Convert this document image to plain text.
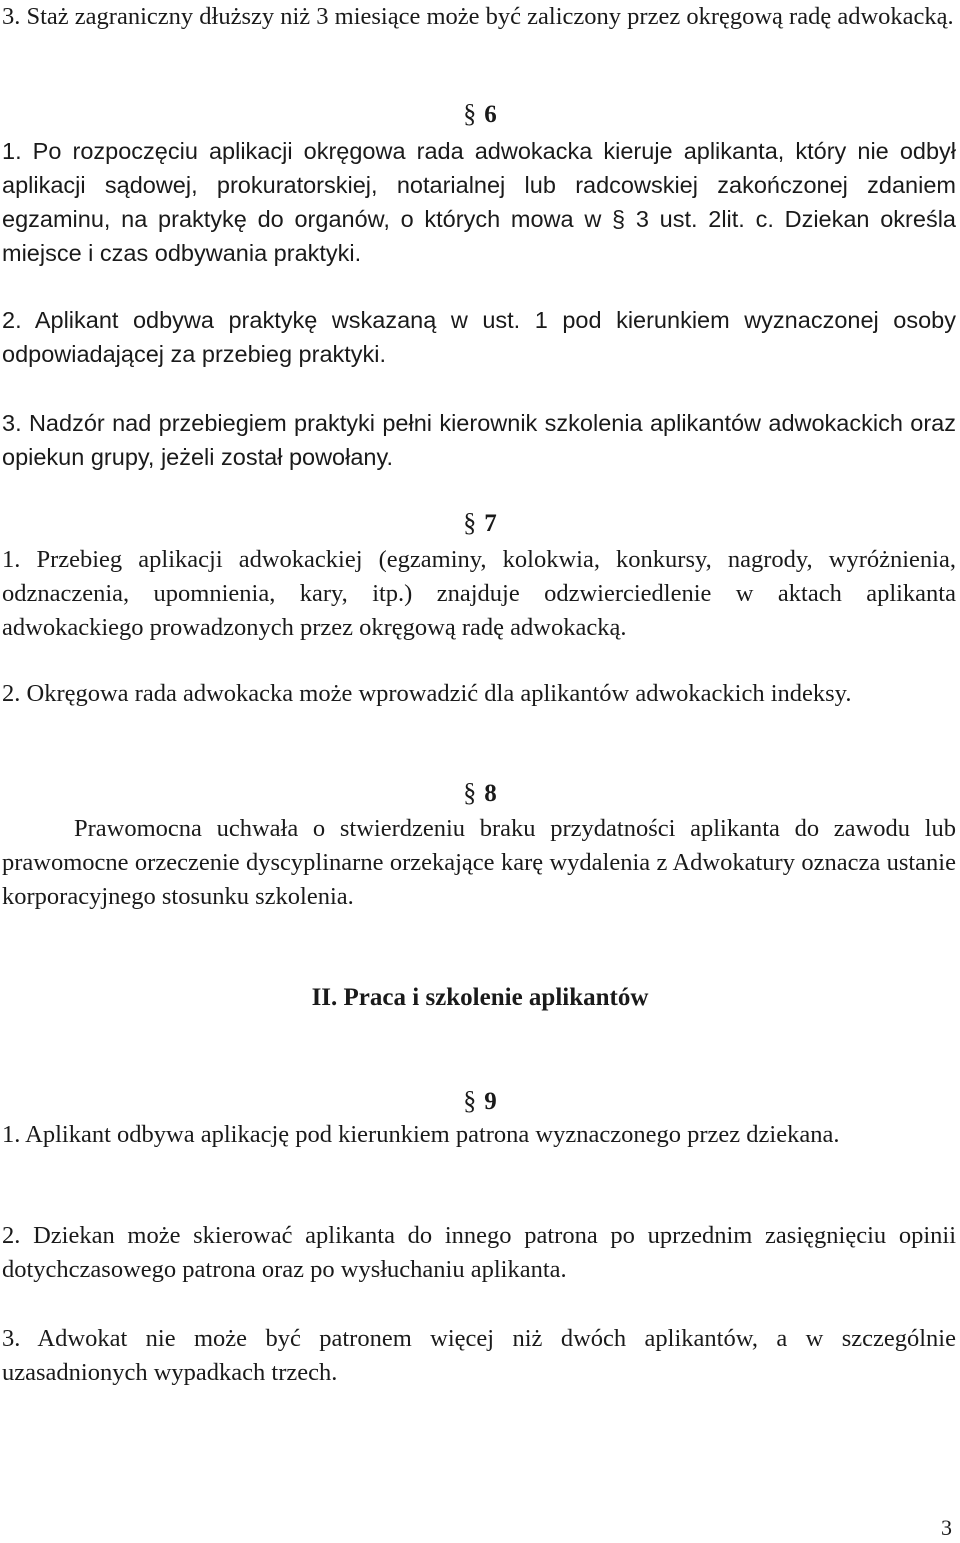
3. Staż zagraniczny dłuższy niż 3 miesiące może być zaliczony przez okręgową radę adwokacką.

§ 6

1. Po rozpoczęciu aplikacji okręgowa rada adwokacka kieruje aplikanta, który nie odbył aplikacji sądowej, prokuratorskiej, notarialnej lub radcowskiej zakończonej zdaniem egzaminu, na praktykę do organów, o których mowa w § 3 ust. 2lit. c. Dziekan określa miejsce i czas odbywania praktyki.

2. Aplikant odbywa praktykę wskazaną w ust. 1 pod kierunkiem wyznaczonej osoby odpowiadającej za przebieg praktyki.

3. Nadzór nad przebiegiem praktyki pełni kierownik szkolenia aplikantów adwokackich oraz opiekun grupy, jeżeli został powołany.

§ 7

1. Przebieg aplikacji adwokackiej (egzaminy, kolokwia, konkursy, nagrody, wyróżnienia, odznaczenia, upomnienia, kary, itp.) znajduje odzwierciedlenie w aktach aplikanta adwokackiego prowadzonych przez okręgową radę adwokacką.

2. Okręgowa rada adwokacka może wprowadzić dla aplikantów adwokackich indeksy.

§ 8

Prawomocna uchwała o stwierdzeniu braku przydatności aplikanta do zawodu lub prawomocne orzeczenie dyscyplinarne orzekające karę wydalenia z Adwokatury oznacza ustanie korporacyjnego stosunku szkolenia.

II. Praca i szkolenie aplikantów
§ 9

1. Aplikant odbywa aplikację pod kierunkiem patrona wyznaczonego przez dziekana.

2. Dziekan może skierować aplikanta do innego patrona po uprzednim zasięgnięciu opinii dotychczasowego patrona oraz po wysłuchaniu aplikanta.

3. Adwokat nie może być patronem więcej niż dwóch aplikantów, a w szczególnie uzasadnionych wypadkach trzech.

3
